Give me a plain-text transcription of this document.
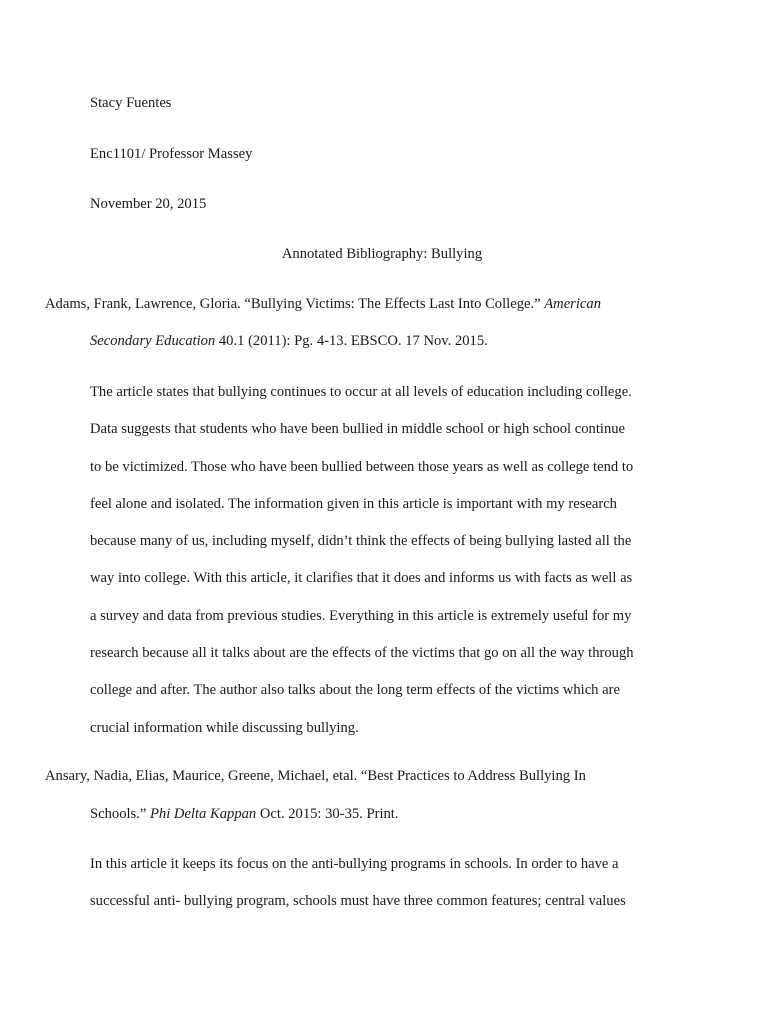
Stacy Fuentes
Enc1101/ Professor Massey
November 20, 2015
Annotated Bibliography: Bullying
Adams, Frank, Lawrence, Gloria. “Bullying Victims: The Effects Last Into College.” American
Secondary Education 40.1 (2011): Pg. 4-13. EBSCO. 17 Nov. 2015.
The article states that bullying continues to occur at all levels of education including college.
Data suggests that students who have been bullied in middle school or high school continue
to be victimized. Those who have been bullied between those years as well as college tend to
feel alone and isolated. The information given in this article is important with my research
because many of us, including myself, didn’t think the effects of being bullying lasted all the
way into college. With this article, it clarifies that it does and informs us with facts as well as
a survey and data from previous studies. Everything in this article is extremely useful for my
research because all it talks about are the effects of the victims that go on all the way through
college and after. The author also talks about the long term effects of the victims which are
crucial information while discussing bullying.
Ansary, Nadia, Elias, Maurice, Greene, Michael, etal. “Best Practices to Address Bullying In
Schools.” Phi Delta Kappan Oct. 2015: 30-35. Print.
In this article it keeps its focus on the anti-bullying programs in schools. In order to have a
successful anti- bullying program, schools must have three common features; central values
